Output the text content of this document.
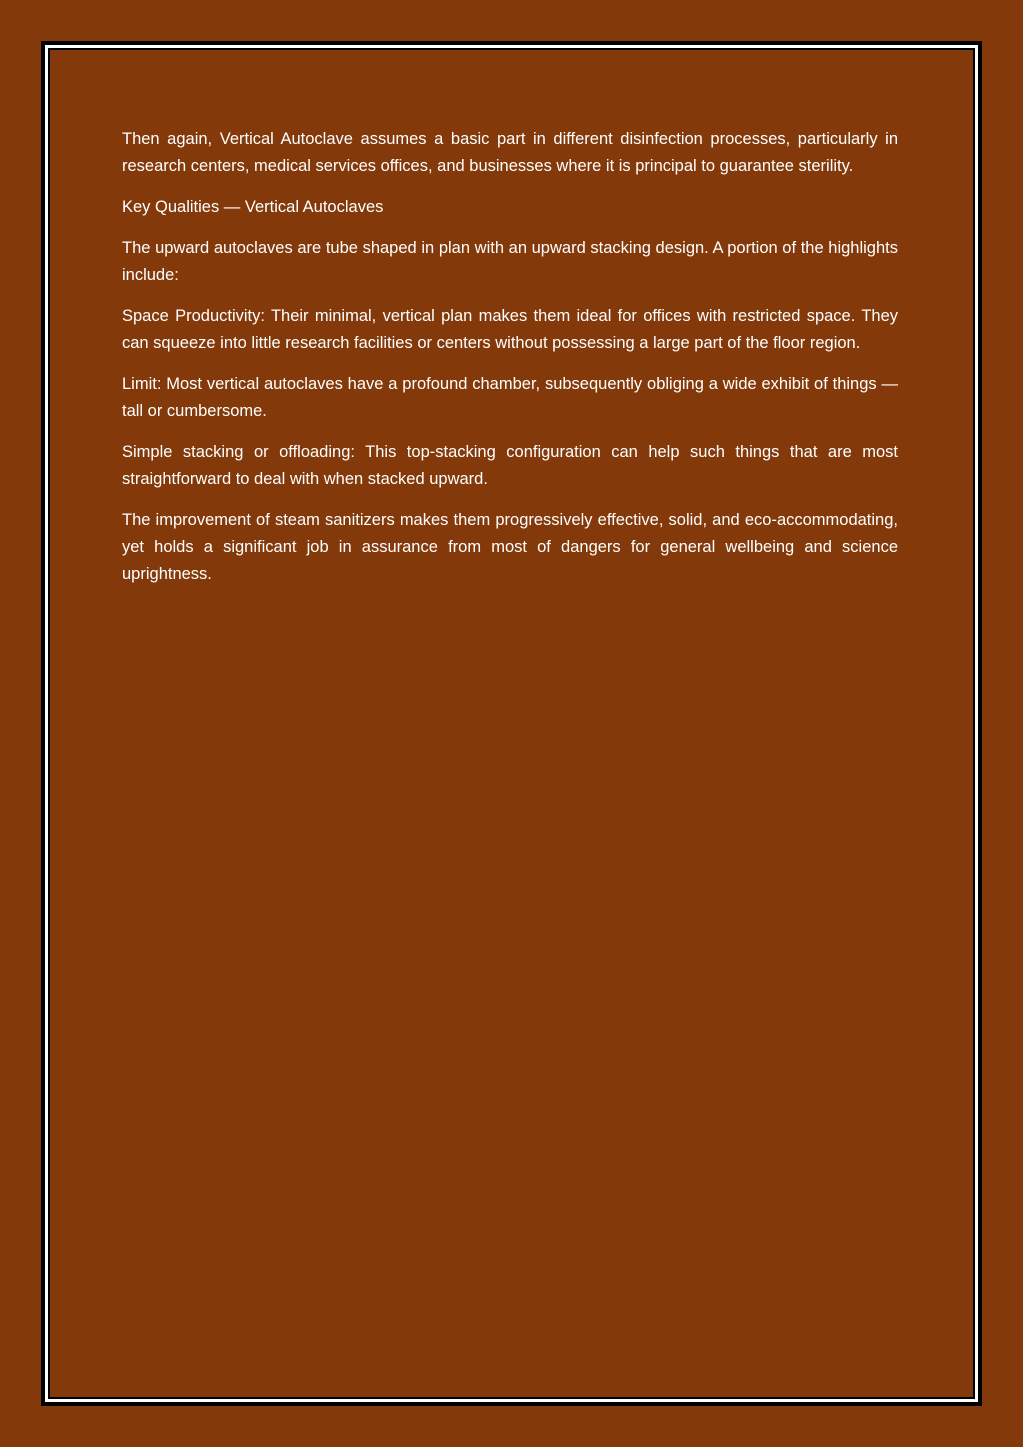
Then again, Vertical Autoclave assumes a basic part in different disinfection processes, particularly in research centers, medical services offices, and businesses where it is principal to guarantee sterility.

Key Qualities — Vertical Autoclaves

The upward autoclaves are tube shaped in plan with an upward stacking design. A portion of the highlights include:

Space Productivity: Their minimal, vertical plan makes them ideal for offices with restricted space. They can squeeze into little research facilities or centers without possessing a large part of the floor region.

Limit: Most vertical autoclaves have a profound chamber, subsequently obliging a wide exhibit of things — tall or cumbersome.

Simple stacking or offloading: This top-stacking configuration can help such things that are most straightforward to deal with when stacked upward.

The improvement of steam sanitizers makes them progressively effective, solid, and eco-accommodating, yet holds a significant job in assurance from most of dangers for general wellbeing and science uprightness.
